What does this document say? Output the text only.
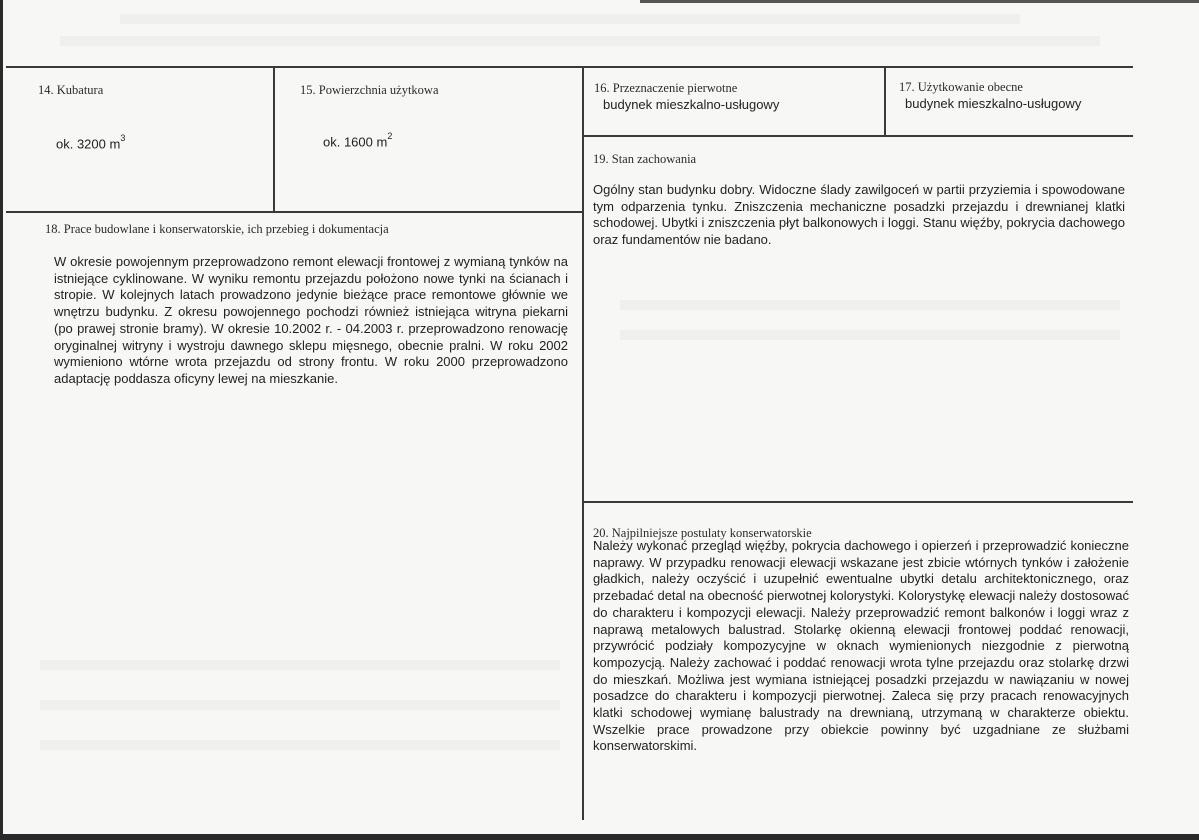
14. Kubatura
ok. 3200 $m^3$
15. Powierzchnia użytkowa
ok. 1600 $m^2$
16. Przeznaczenie pierwotne
budynek mieszkalno-usługowy
17. Użytkowanie obecne
budynek mieszkalno-usługowy
18. Prace budowlane i konserwatorskie, ich przebieg i dokumentacja
W okresie powojennym przeprowadzono remont elewacji frontowej z wymianą tynków na istniejące cyklinowane. W wyniku remontu przejazdu położono nowe tynki na ścianach i stropie. W kolejnych latach prowadzono jedynie bieżące prace remontowe głównie we wnętrzu budynku. Z okresu powojennego pochodzi również istniejąca witryna piekarni (po prawej stronie bramy). W okresie 10.2002 r. - 04.2003 r. przeprowadzono renowację oryginalnej witryny i wystroju dawnego sklepu mięsnego, obecnie pralni. W roku 2002 wymieniono wtórne wrota przejazdu od strony frontu. W roku 2000 przeprowadzono adaptację poddasza oficyny lewej na mieszkanie.
19. Stan zachowania
Ogólny stan budynku dobry. Widoczne ślady zawilgoceń w partii przyziemia i spowodowane tym odparzenia tynku. Zniszczenia mechaniczne posadzki przejazdu i drewnianej klatki schodowej. Ubytki i zniszczenia płyt balkonowych i loggi. Stanu więźby, pokrycia dachowego oraz fundamentów nie badano.
20. Najpilniejsze postulaty konserwatorskie
Należy wykonać przegląd więźby, pokrycia dachowego i opierzeń i przeprowadzić konieczne naprawy. W przypadku renowacji elewacji wskazane jest zbicie wtórnych tynków i założenie gładkich, należy oczyścić i uzupełnić ewentualne ubytki detalu architektonicznego, oraz przebadać detal na obecność pierwotnej kolorystyki. Kolorystykę elewacji należy dostosować do charakteru i kompozycji elewacji. Należy przeprowadzić remont balkonów i loggi wraz z naprawą metalowych balustrad. Stolarkę okienną elewacji frontowej poddać renowacji, przywrócić podziały kompozycyjne w oknach wymienionych niezgodnie z pierwotną kompozycją. Należy zachować i poddać renowacji wrota tylne przejazdu oraz stolarkę drzwi do mieszkań. Możliwa jest wymiana istniejącej posadzki przejazdu w nawiązaniu w nowej posadzce do charakteru i kompozycji pierwotnej. Zaleca się przy pracach renowacyjnych klatki schodowej wymianę balustrady na drewnianą, utrzymaną w charakterze obiektu. Wszelkie prace prowadzone przy obiekcie powinny być uzgadniane ze służbami konserwatorskimi.
